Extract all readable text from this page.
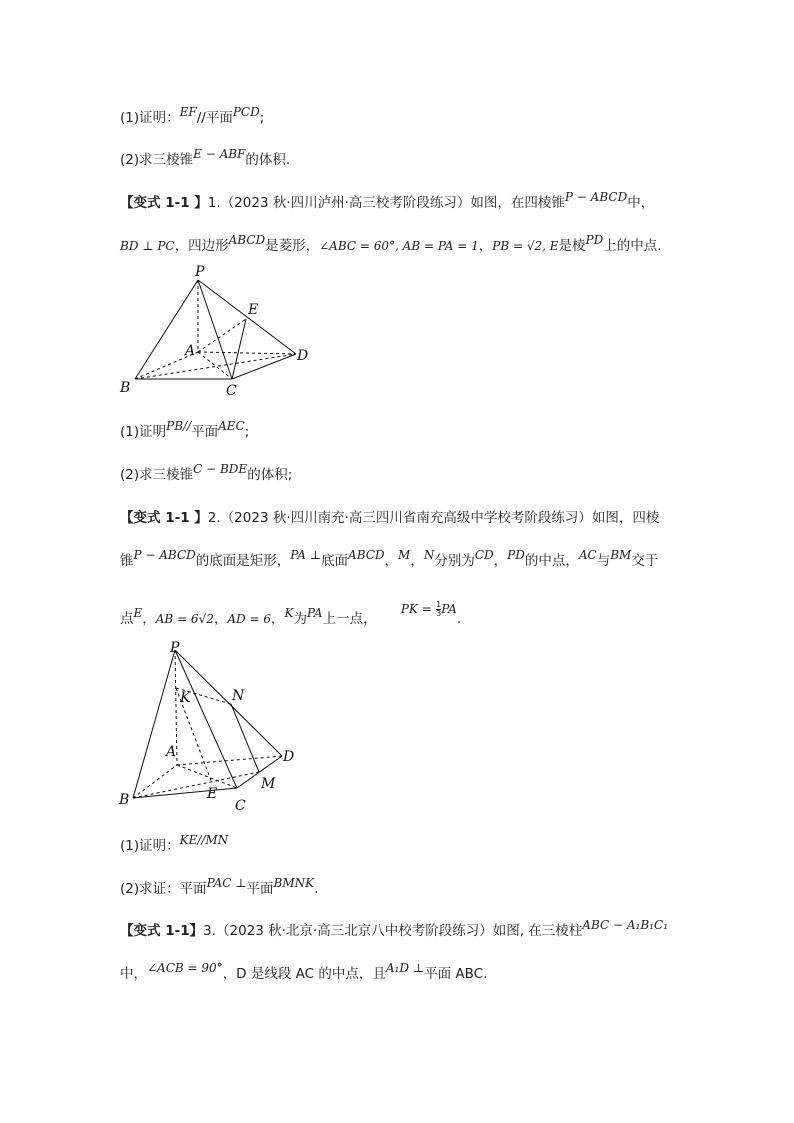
(1)证明：EF//平面PCD;
(2)求三棱锥E − ABF的体积.
【变式 1-1 】1.（2023 秋·四川泸州·高三校考阶段练习）如图，在四棱锥P − ABCD中，
BD ⊥ PC，四边形ABCD是菱形，∠ABC = 60°, AB = PA = 1，PB = √2, E是棱PD上的中点.
P
E
A	D
B	C
(1)证明PB//平面AEC;
(2)求三棱锥C − BDE的体积;
【变式 1-1 】2.（2023 秋·四川南充·高三四川省南充高级中学校考阶段练习）如图，四棱
锥P − ABCD的底面是矩形，PA ⊥底面ABCD，M，N分别为CD，PD的中点，AC与BM交于
点E，AB = 6√2，AD = 6，K为PA上一点， PK = $\frac{1}{3}$ PA.
P
K	N
A	D
M
E
B	C
(1)证明：KE//MN
(2)求证：平面PAC ⊥平面BMNK.
【变式 1-1】3.（2023 秋·北京·高三北京八中校考阶段练习）如图, 在三棱柱ABC − A₁B₁C₁
中，∠ACB = 90°，D 是线段 AC 的中点，且A₁D ⊥平面 ABC.
